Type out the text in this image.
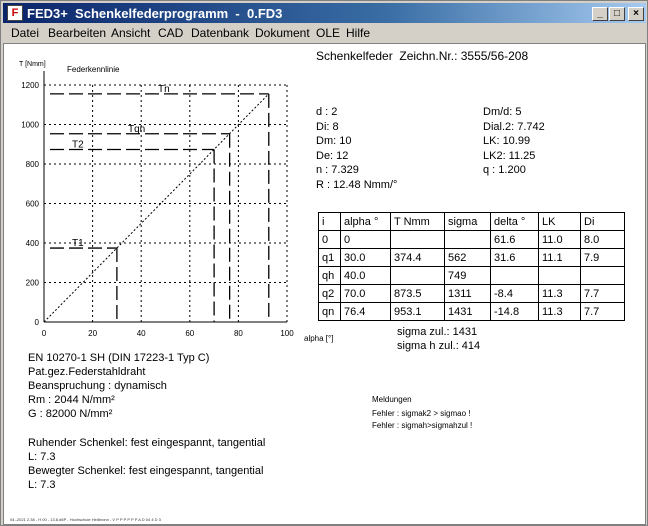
F FED3+  Schenkelfederprogramm  -  0.FD3	_	□	×
Datei Bearbeiten Ansicht CAD Datenbank Dokument OLE Hilfe
T [Nmm]
Federkennlinie
alpha [°]
0	20	40	60	80	100
0
200
400
600
800
1000
1200
T1
T2
Tqn
Tn
Schenkelfeder  Zeichn.Nr.: 3555/56-208
d : 2
Di: 8
Dm: 10
De: 12
n : 7.329
R : 12.48 Nmm/°
Dm/d: 5
Dial.2: 7.742
LK: 10.99
LK2: 11.25
q : 1.200
i	alpha °	T Nmm	sigma	delta °	LK	Di
0	0			61.6	11.0	8.0
q1	30.0	374.4	562	31.6	11.1	7.9
qh	40.0		749			
q2	70.0	873.5	1311	-8.4	11.3	7.7
qn	76.4	953.1	1431	-14.8	11.3	7.7
sigma zul.: 1431
sigma h zul.: 414
EN 10270-1 SH (DIN 17223-1 Typ C)
Pat.gez.Federstahldraht
Beanspruchung : dynamisch
Rm : 2044 N/mm²
G : 82000 N/mm²
Ruhender Schenkel: fest eingespannt, tangential
L: 7.3
Bewegter Schenkel: fest eingespannt, tangential
L: 7.3
Meldungen
Fehler : sigmak2 > sigmao !
Fehler : sigmah>sigmahzul !
04.-2021 2.38 - H 00 - 13.8.d6P - Hochschule Heilbronn - V P P P P P P A D 04 4 D 3
